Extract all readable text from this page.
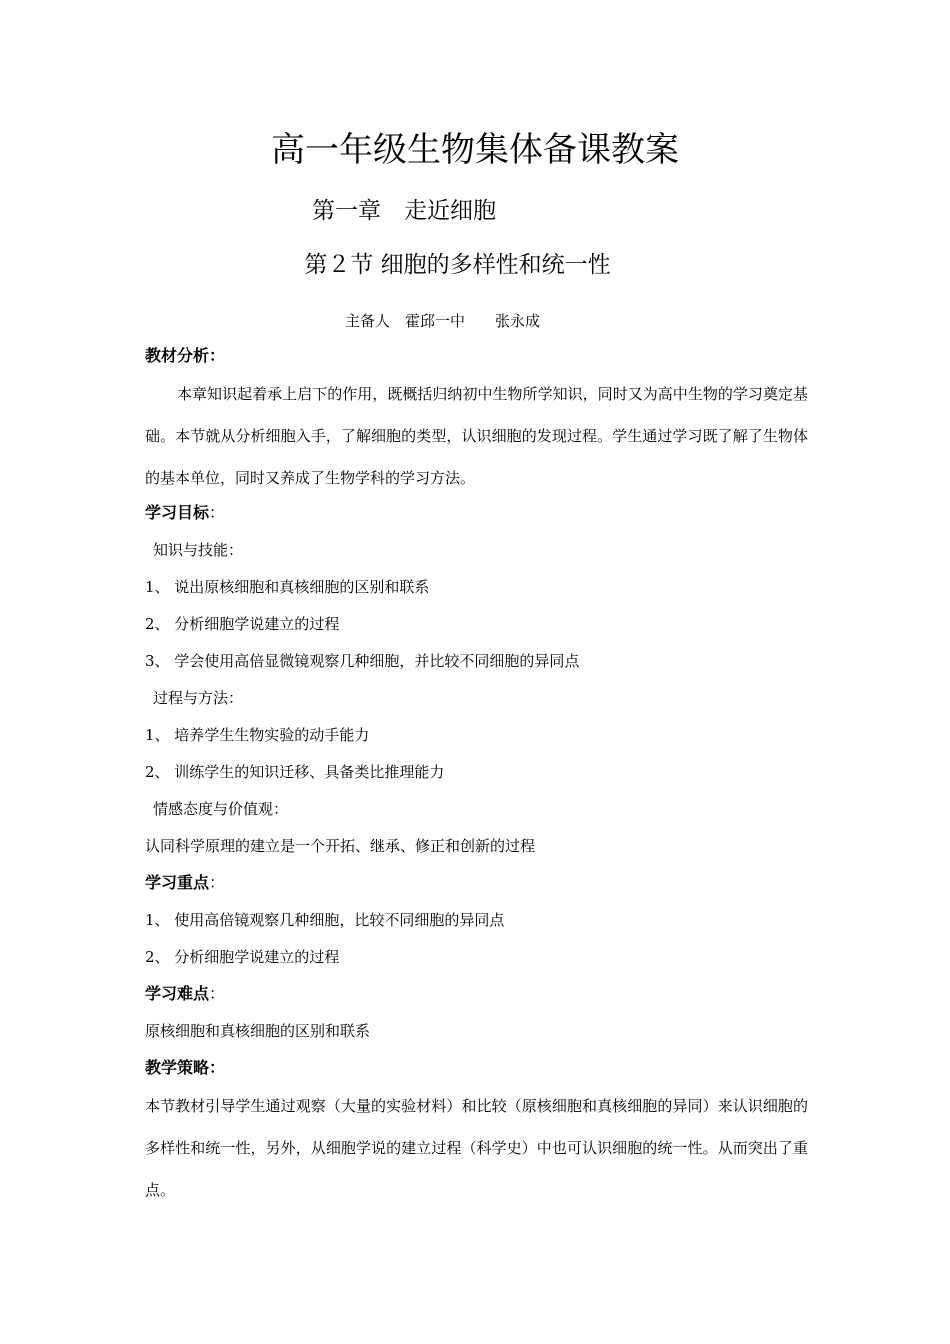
高一年级生物集体备课教案
第一章　走近细胞
第２节 细胞的多样性和统一性
主备人　霍邱一中　　张永成
教材分析：
本章知识起着承上启下的作用，既概括归纳初中生物所学知识，同时又为高中生物的学习奠定基础。本节就从分析细胞入手，了解细胞的类型，认识细胞的发现过程。学生通过学习既了解了生物体的基本单位，同时又养成了生物学科的学习方法。
学习目标：
知识与技能：
1、 说出原核细胞和真核细胞的区别和联系
2、 分析细胞学说建立的过程
3、 学会使用高倍显微镜观察几种细胞，并比较不同细胞的异同点
过程与方法：
1、 培养学生生物实验的动手能力
2、 训练学生的知识迁移、具备类比推理能力
情感态度与价值观：
认同科学原理的建立是一个开拓、继承、修正和创新的过程
学习重点：
1、 使用高倍镜观察几种细胞，比较不同细胞的异同点
2、 分析细胞学说建立的过程
学习难点：
原核细胞和真核细胞的区别和联系
教学策略：
本节教材引导学生通过观察（大量的实验材料）和比较（原核细胞和真核细胞的异同）来认识细胞的多样性和统一性，另外，从细胞学说的建立过程（科学史）中也可认识细胞的统一性。从而突出了重点。
